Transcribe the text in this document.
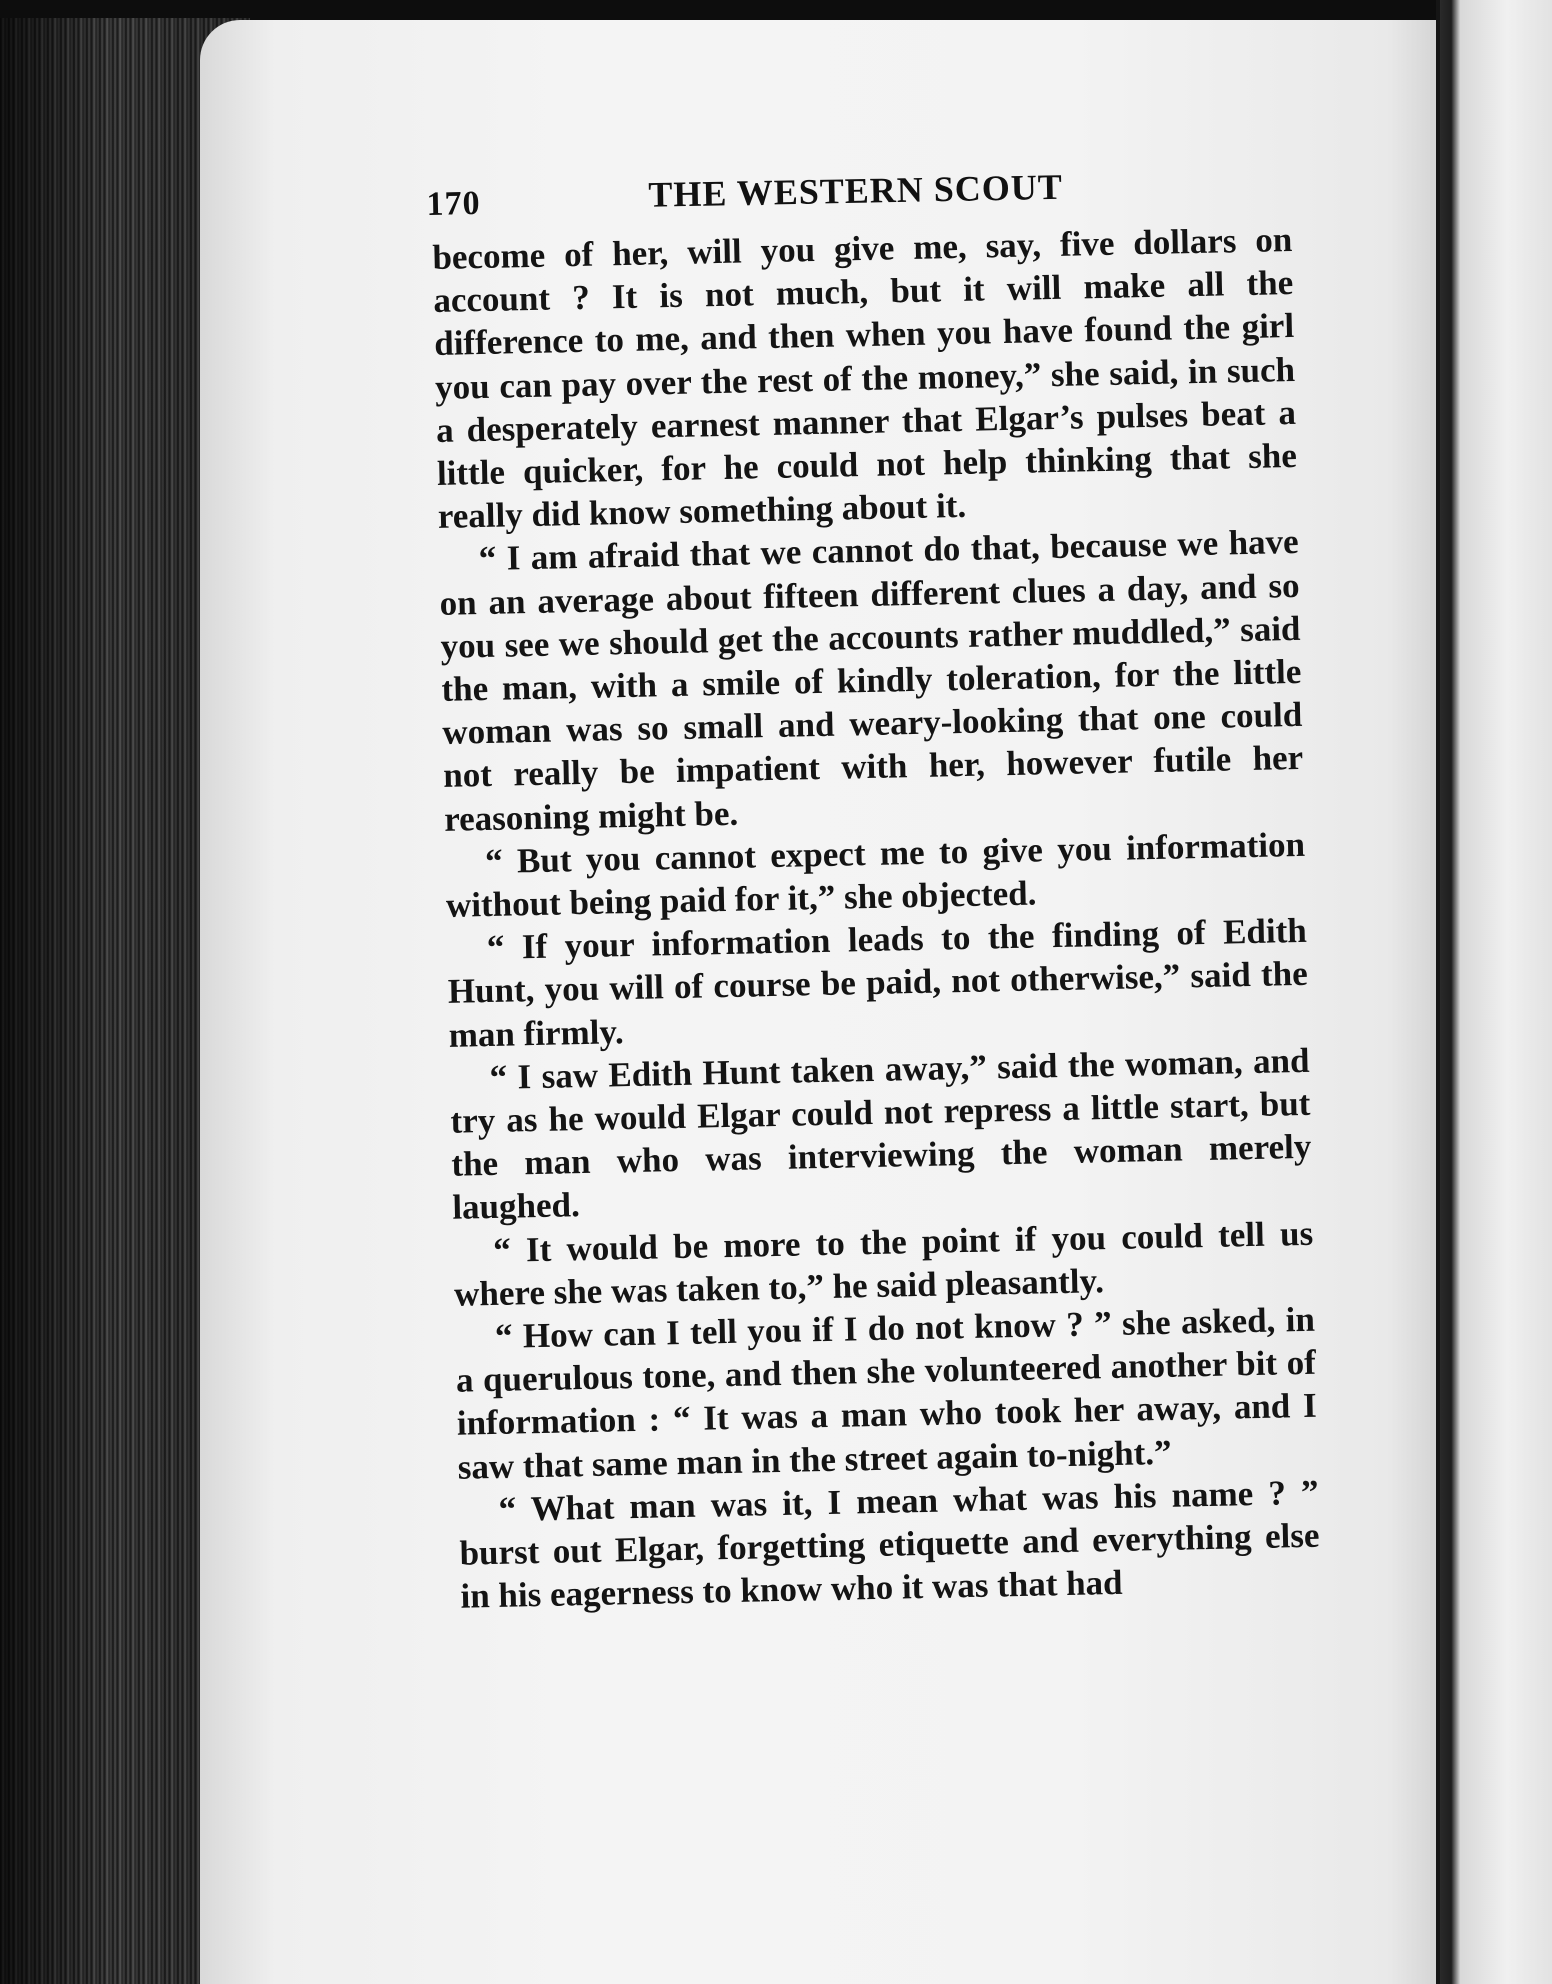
170	THE WESTERN SCOUT

become of her, will you give me, say, five dollars on account ? It is not much, but it will make all the difference to me, and then when you have found the girl you can pay over the rest of the money,” she said, in such a desperately earnest manner that Elgar’s pulses beat a little quicker, for he could not help thinking that she really did know something about it.

“ I am afraid that we cannot do that, because we have on an average about fifteen different clues a day, and so you see we should get the accounts rather muddled,” said the man, with a smile of kindly toleration, for the little woman was so small and weary-looking that one could not really be impatient with her, however futile her reasoning might be.

“ But you cannot expect me to give you information without being paid for it,” she objected.

“ If your information leads to the finding of Edith Hunt, you will of course be paid, not otherwise,” said the man firmly.

“ I saw Edith Hunt taken away,” said the woman, and try as he would Elgar could not repress a little start, but the man who was interviewing the woman merely laughed.

“ It would be more to the point if you could tell us where she was taken to,” he said pleasantly.

“ How can I tell you if I do not know ? ” she asked, in a querulous tone, and then she volunteered another bit of information : “ It was a man who took her away, and I saw that same man in the street again to-night.”

“ What man was it, I mean what was his name ? ” burst out Elgar, forgetting etiquette and everything else in his eagerness to know who it was that had
